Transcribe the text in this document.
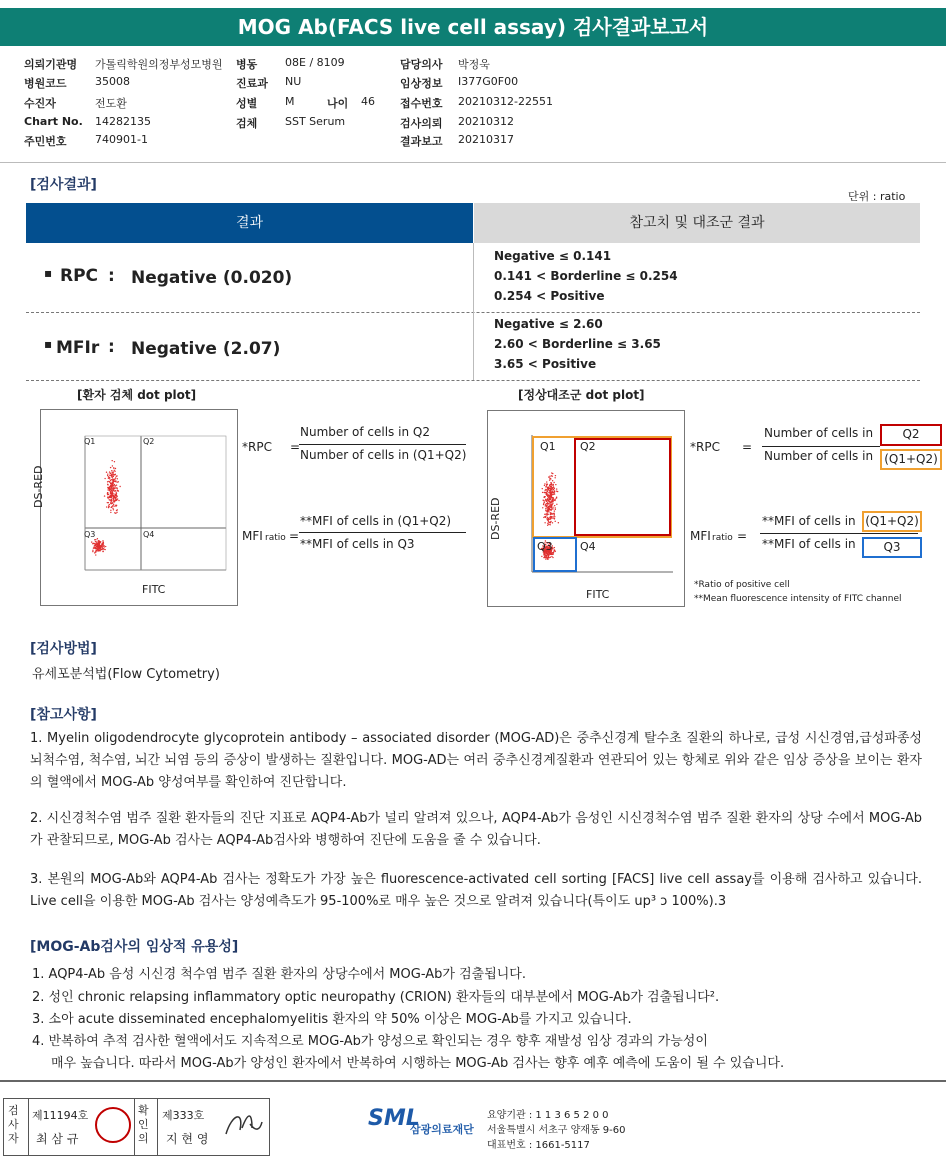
MOG Ab(FACS live cell assay) 검사결과보고서
의뢰기관명 가톨릭학원의정부성모병원
병원코드	35008
수진자	전도환
Chart No. 14282135
주민번호	740901-1
병동	08E / 8109
진료과 NU
성별	M	나이 46
검체	SST Serum
담당의사 박정욱
임상정보 I377G0F00
접수번호 20210312-22551
검사의뢰 20210312
결과보고 20210317
[검사결과]
단위 : ratio
결과	참고치 및 대조군 결과
▪ RPC : Negative (0.020)
Negative ≤ 0.141
0.141 < Borderline ≤ 0.254
0.254 < Positive
▪ MFIr : Negative (2.07)
Negative ≤ 2.60
2.60 < Borderline ≤ 3.65
3.65 < Positive
[환자 검체 dot plot]
Q1	Q2
Q3	Q4
DS-RED
FITC
*RPC =
Number of cells in Q2
Number of cells in (Q1+Q2)
MFI ratio =
**MFI of cells in (Q1+Q2)
**MFI of cells in Q3
[정상대조군 dot plot]
Q1 Q2
Q3 Q4
DS-RED
FITC
*RPC =
Number of cells in	Q2
Number of cells in (Q1+Q2)
MFI ratio =
**MFI of cells in (Q1+Q2)
**MFI of cells in	Q3
*Ratio of positive cell
**Mean fluorescence intensity of FITC channel
[검사방법]
유세포분석법(Flow Cytometry)
[참고사항]
1. Myelin oligodendrocyte glycoprotein antibody – associated disorder (MOG-AD)은 중추신경계 탈수초 질환의 하나로, 급성 시신경염,급성파종성 뇌척수염, 척수염, 뇌간 뇌염 등의 증상이 발생하는 질환입니다. MOG-AD는 여러 중추신경계질환과 연관되어 있는 항체로 위와 같은 임상 증상을 보이는 환자의 혈액에서 MOG-Ab 양성여부를 확인하여 진단합니다.
2. 시신경척수염 범주 질환 환자들의 진단 지표로 AQP4-Ab가 널리 알려져 있으나, AQP4-Ab가 음성인 시신경척수염 범주 질환 환자의 상당 수에서 MOG-Ab가 관찰되므로, MOG-Ab 검사는 AQP4-Ab검사와 병행하여 진단에 도움을 줄 수 있습니다.
3. 본원의 MOG-Ab와 AQP4-Ab 검사는 정확도가 가장 높은 fluorescence-activated cell sorting [FACS] live cell assay를 이용해 검사하고 있습니다. Live cell을 이용한 MOG-Ab 검사는 양성예측도가 95-100%로 매우 높은 것으로 알려져 있습니다(특이도 up³ ɔ 100%).3
[MOG-Ab검사의 임상적 유용성]
1. AQP4-Ab 음성 시신경 척수염 범주 질환 환자의 상당수에서 MOG-Ab가 검출됩니다.
2. 성인 chronic relapsing inflammatory optic neuropathy (CRION) 환자들의 대부분에서 MOG-Ab가 검출됩니다².
3. 소아 acute disseminated encephalomyelitis 환자의 약 50% 이상은 MOG-Ab를 가지고 있습니다.
4. 반복하여 추적 검사한 혈액에서도 지속적으로 MOG-Ab가 양성으로 확인되는 경우 향후 재발성 임상 경과의 가능성이
매우 높습니다. 따라서 MOG-Ab가 양성인 환자에서 반복하여 시행하는 MOG-Ab 검사는 향후 예후 예측에 도움이 될 수 있습니다.
검사자
제11194호
최 삼 규
확인의
제333호
지 현 영
SML
삼광의료재단
요양기관 : 1 1 3 6 5 2 0 0
서울특별시 서초구 양재동 9-60
대표번호 : 1661-5117
